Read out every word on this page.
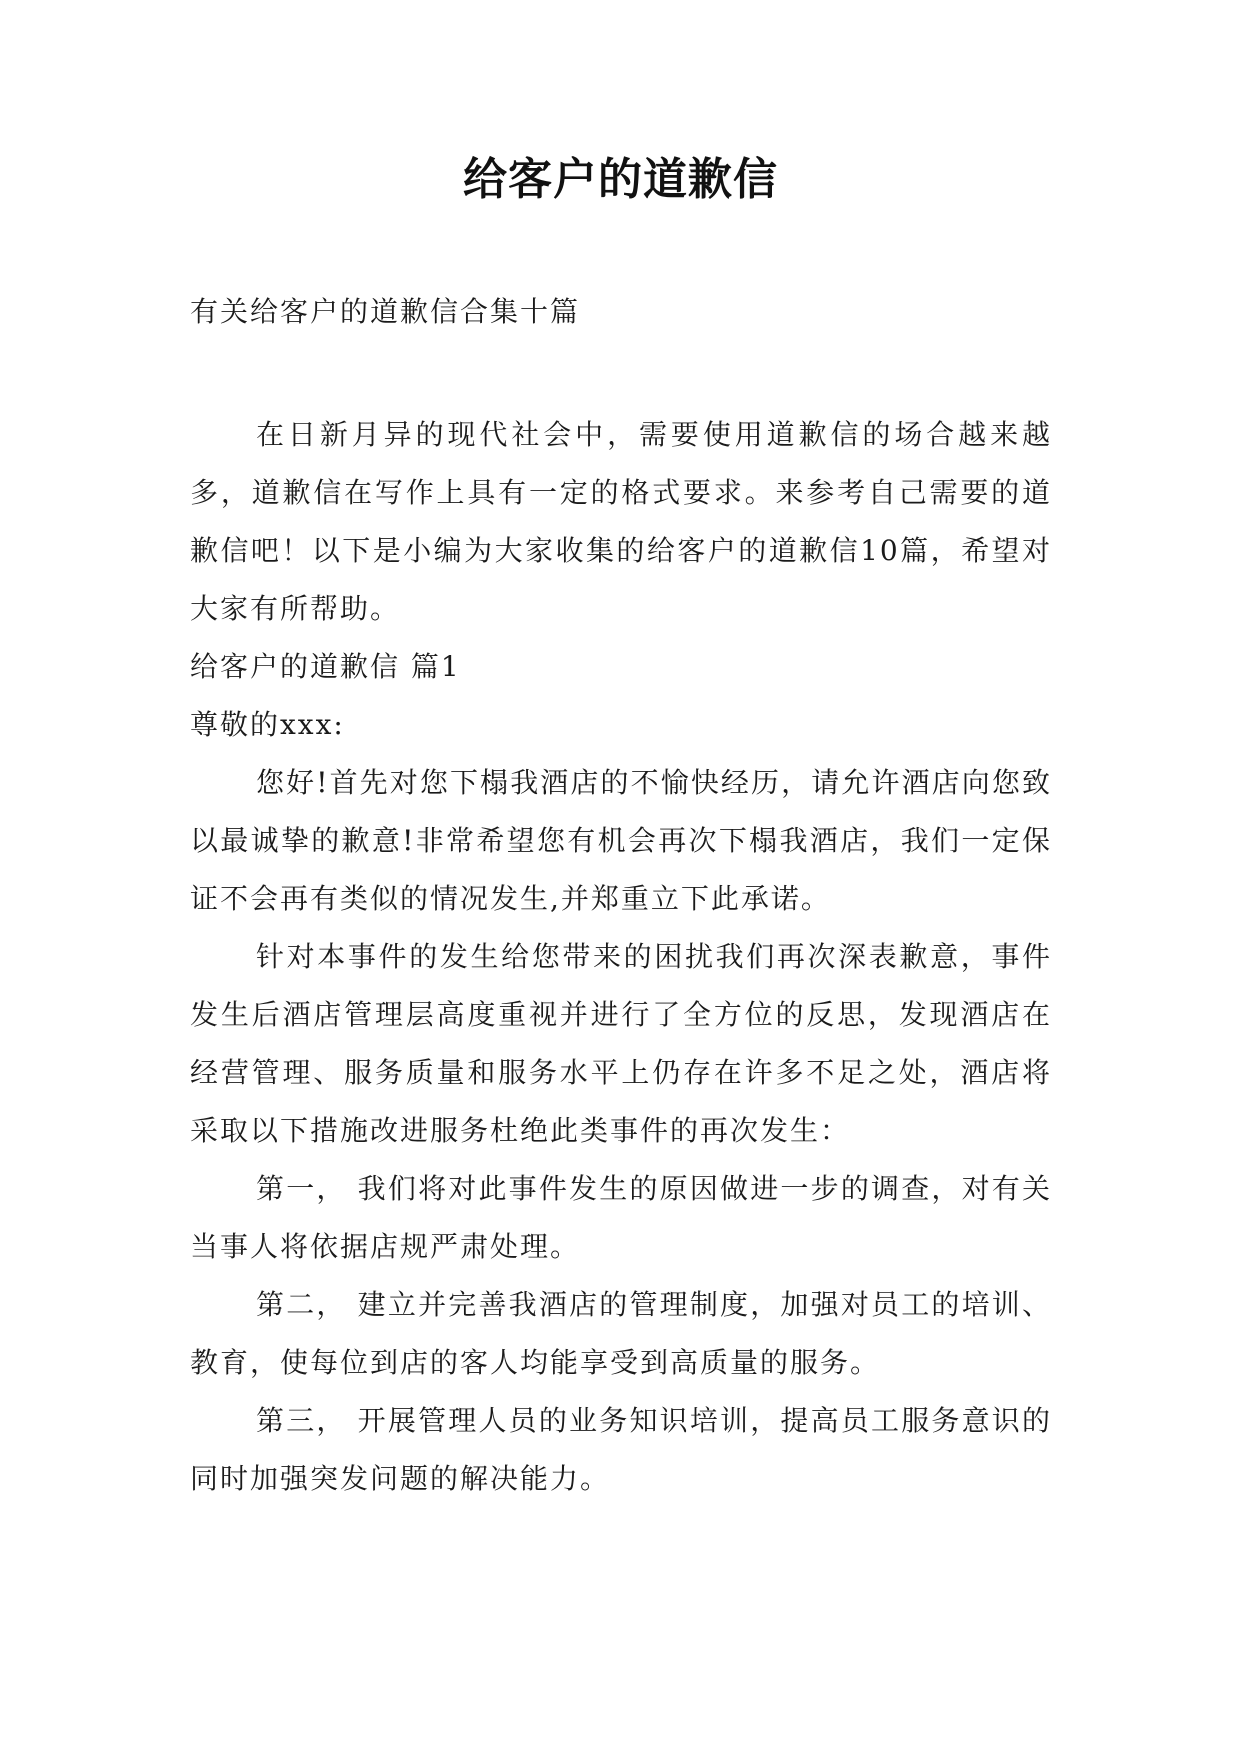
给客户的道歉信
有关给客户的道歉信合集十篇

在日新月异的现代社会中，需要使用道歉信的场合越来越多，道歉信在写作上具有一定的格式要求。来参考自己需要的道歉信吧！以下是小编为大家收集的给客户的道歉信10篇，希望对大家有所帮助。

给客户的道歉信 篇1

尊敬的xxx:

您好!首先对您下榻我酒店的不愉快经历，请允许酒店向您致以最诚挚的歉意!非常希望您有机会再次下榻我酒店，我们一定保证不会再有类似的情况发生,并郑重立下此承诺。

针对本事件的发生给您带来的困扰我们再次深表歉意，事件发生后酒店管理层高度重视并进行了全方位的反思，发现酒店在经营管理、服务质量和服务水平上仍存在许多不足之处，酒店将采取以下措施改进服务杜绝此类事件的再次发生：

第一， 我们将对此事件发生的原因做进一步的调查，对有关当事人将依据店规严肃处理。

第二， 建立并完善我酒店的管理制度，加强对员工的培训、教育，使每位到店的客人均能享受到高质量的服务。

第三， 开展管理人员的业务知识培训，提高员工服务意识的同时加强突发问题的解决能力。
